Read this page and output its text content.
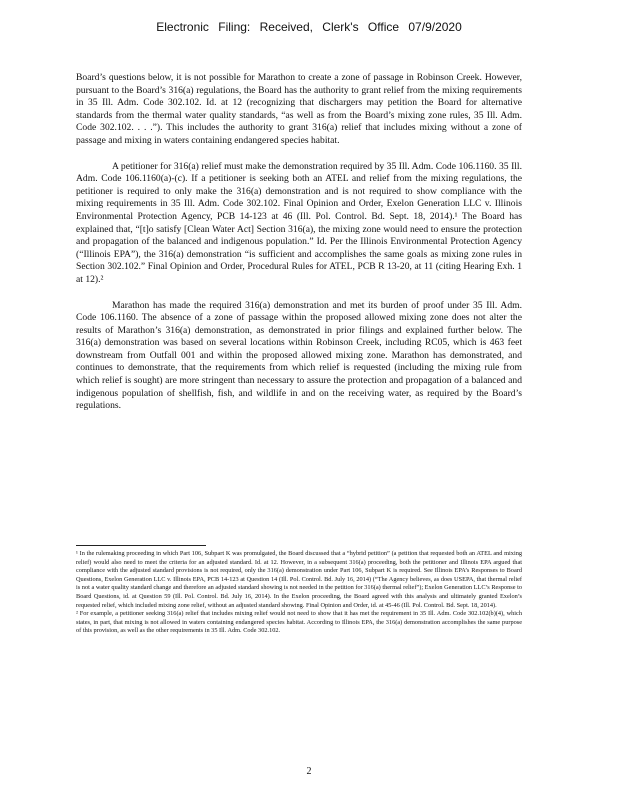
Electronic Filing: Received, Clerk's Office 07/9/2020

Board’s questions below, it is not possible for Marathon to create a zone of passage in Robinson Creek. However, pursuant to the Board’s 316(a) regulations, the Board has the authority to grant relief from the mixing requirements in 35 Ill. Adm. Code 302.102. Id. at 12 (recognizing that dischargers may petition the Board for alternative standards from the thermal water quality standards, “as well as from the Board’s mixing zone rules, 35 Ill. Adm. Code 302.102. . . .”). This includes the authority to grant 316(a) relief that includes mixing without a zone of passage and mixing in waters containing endangered species habitat.

A petitioner for 316(a) relief must make the demonstration required by 35 Ill. Adm. Code 106.1160. 35 Ill. Adm. Code 106.1160(a)-(c). If a petitioner is seeking both an ATEL and relief from the mixing regulations, the petitioner is required to only make the 316(a) demonstration and is not required to show compliance with the mixing requirements in 35 Ill. Adm. Code 302.102. Final Opinion and Order, Exelon Generation LLC v. Illinois Environmental Protection Agency, PCB 14-123 at 46 (Ill. Pol. Control. Bd. Sept. 18, 2014).¹ The Board has explained that, “[t]o satisfy [Clean Water Act] Section 316(a), the mixing zone would need to ensure the protection and propagation of the balanced and indigenous population.” Id. Per the Illinois Environmental Protection Agency (“Illinois EPA”), the 316(a) demonstration “is sufficient and accomplishes the same goals as mixing zone rules in Section 302.102.” Final Opinion and Order, Procedural Rules for ATEL, PCB R 13-20, at 11 (citing Hearing Exh. 1 at 12).²

Marathon has made the required 316(a) demonstration and met its burden of proof under 35 Ill. Adm. Code 106.1160. The absence of a zone of passage within the proposed allowed mixing zone does not alter the results of Marathon’s 316(a) demonstration, as demonstrated in prior filings and explained further below. The 316(a) demonstration was based on several locations within Robinson Creek, including RC05, which is 463 feet downstream from Outfall 001 and within the proposed allowed mixing zone. Marathon has demonstrated, and continues to demonstrate, that the requirements from which relief is requested (including the mixing rule from which relief is sought) are more stringent than necessary to assure the protection and propagation of a balanced and indigenous population of shellfish, fish, and wildlife in and on the receiving water, as required by the Board’s regulations.

¹ In the rulemaking proceeding in which Part 106, Subpart K was promulgated, the Board discussed that a “hybrid petition” (a petition that requested both an ATEL and mixing relief) would also need to meet the criteria for an adjusted standard. Id. at 12. However, in a subsequent 316(a) proceeding, both the petitioner and Illinois EPA argued that compliance with the adjusted standard provisions is not required, only the 316(a) demonstration under Part 106, Subpart K is required. See Illinois EPA’s Responses to Board Questions, Exelon Generation LLC v. Illinois EPA, PCB 14-123 at Question 14 (Ill. Pol. Control. Bd. July 16, 2014) (“The Agency believes, as does USEPA, that thermal relief is not a water quality standard change and therefore an adjusted standard showing is not needed in the petition for 316(a) thermal relief”); Exelon Generation LLC’s Response to Board Questions, id. at Question 59 (Ill. Pol. Control. Bd. July 16, 2014). In the Exelon proceeding, the Board agreed with this analysis and ultimately granted Exelon’s requested relief, which included mixing zone relief, without an adjusted standard showing. Final Opinion and Order, id. at 45-46 (Ill. Pol. Control. Bd. Sept. 18, 2014).

² For example, a petitioner seeking 316(a) relief that includes mixing relief would not need to show that it has met the requirement in 35 Ill. Adm. Code 302.102(b)(4), which states, in part, that mixing is not allowed in waters containing endangered species habitat. According to Illinois EPA, the 316(a) demonstration accomplishes the same purpose of this provision, as well as the other requirements in 35 Ill. Adm. Code 302.102.

2
